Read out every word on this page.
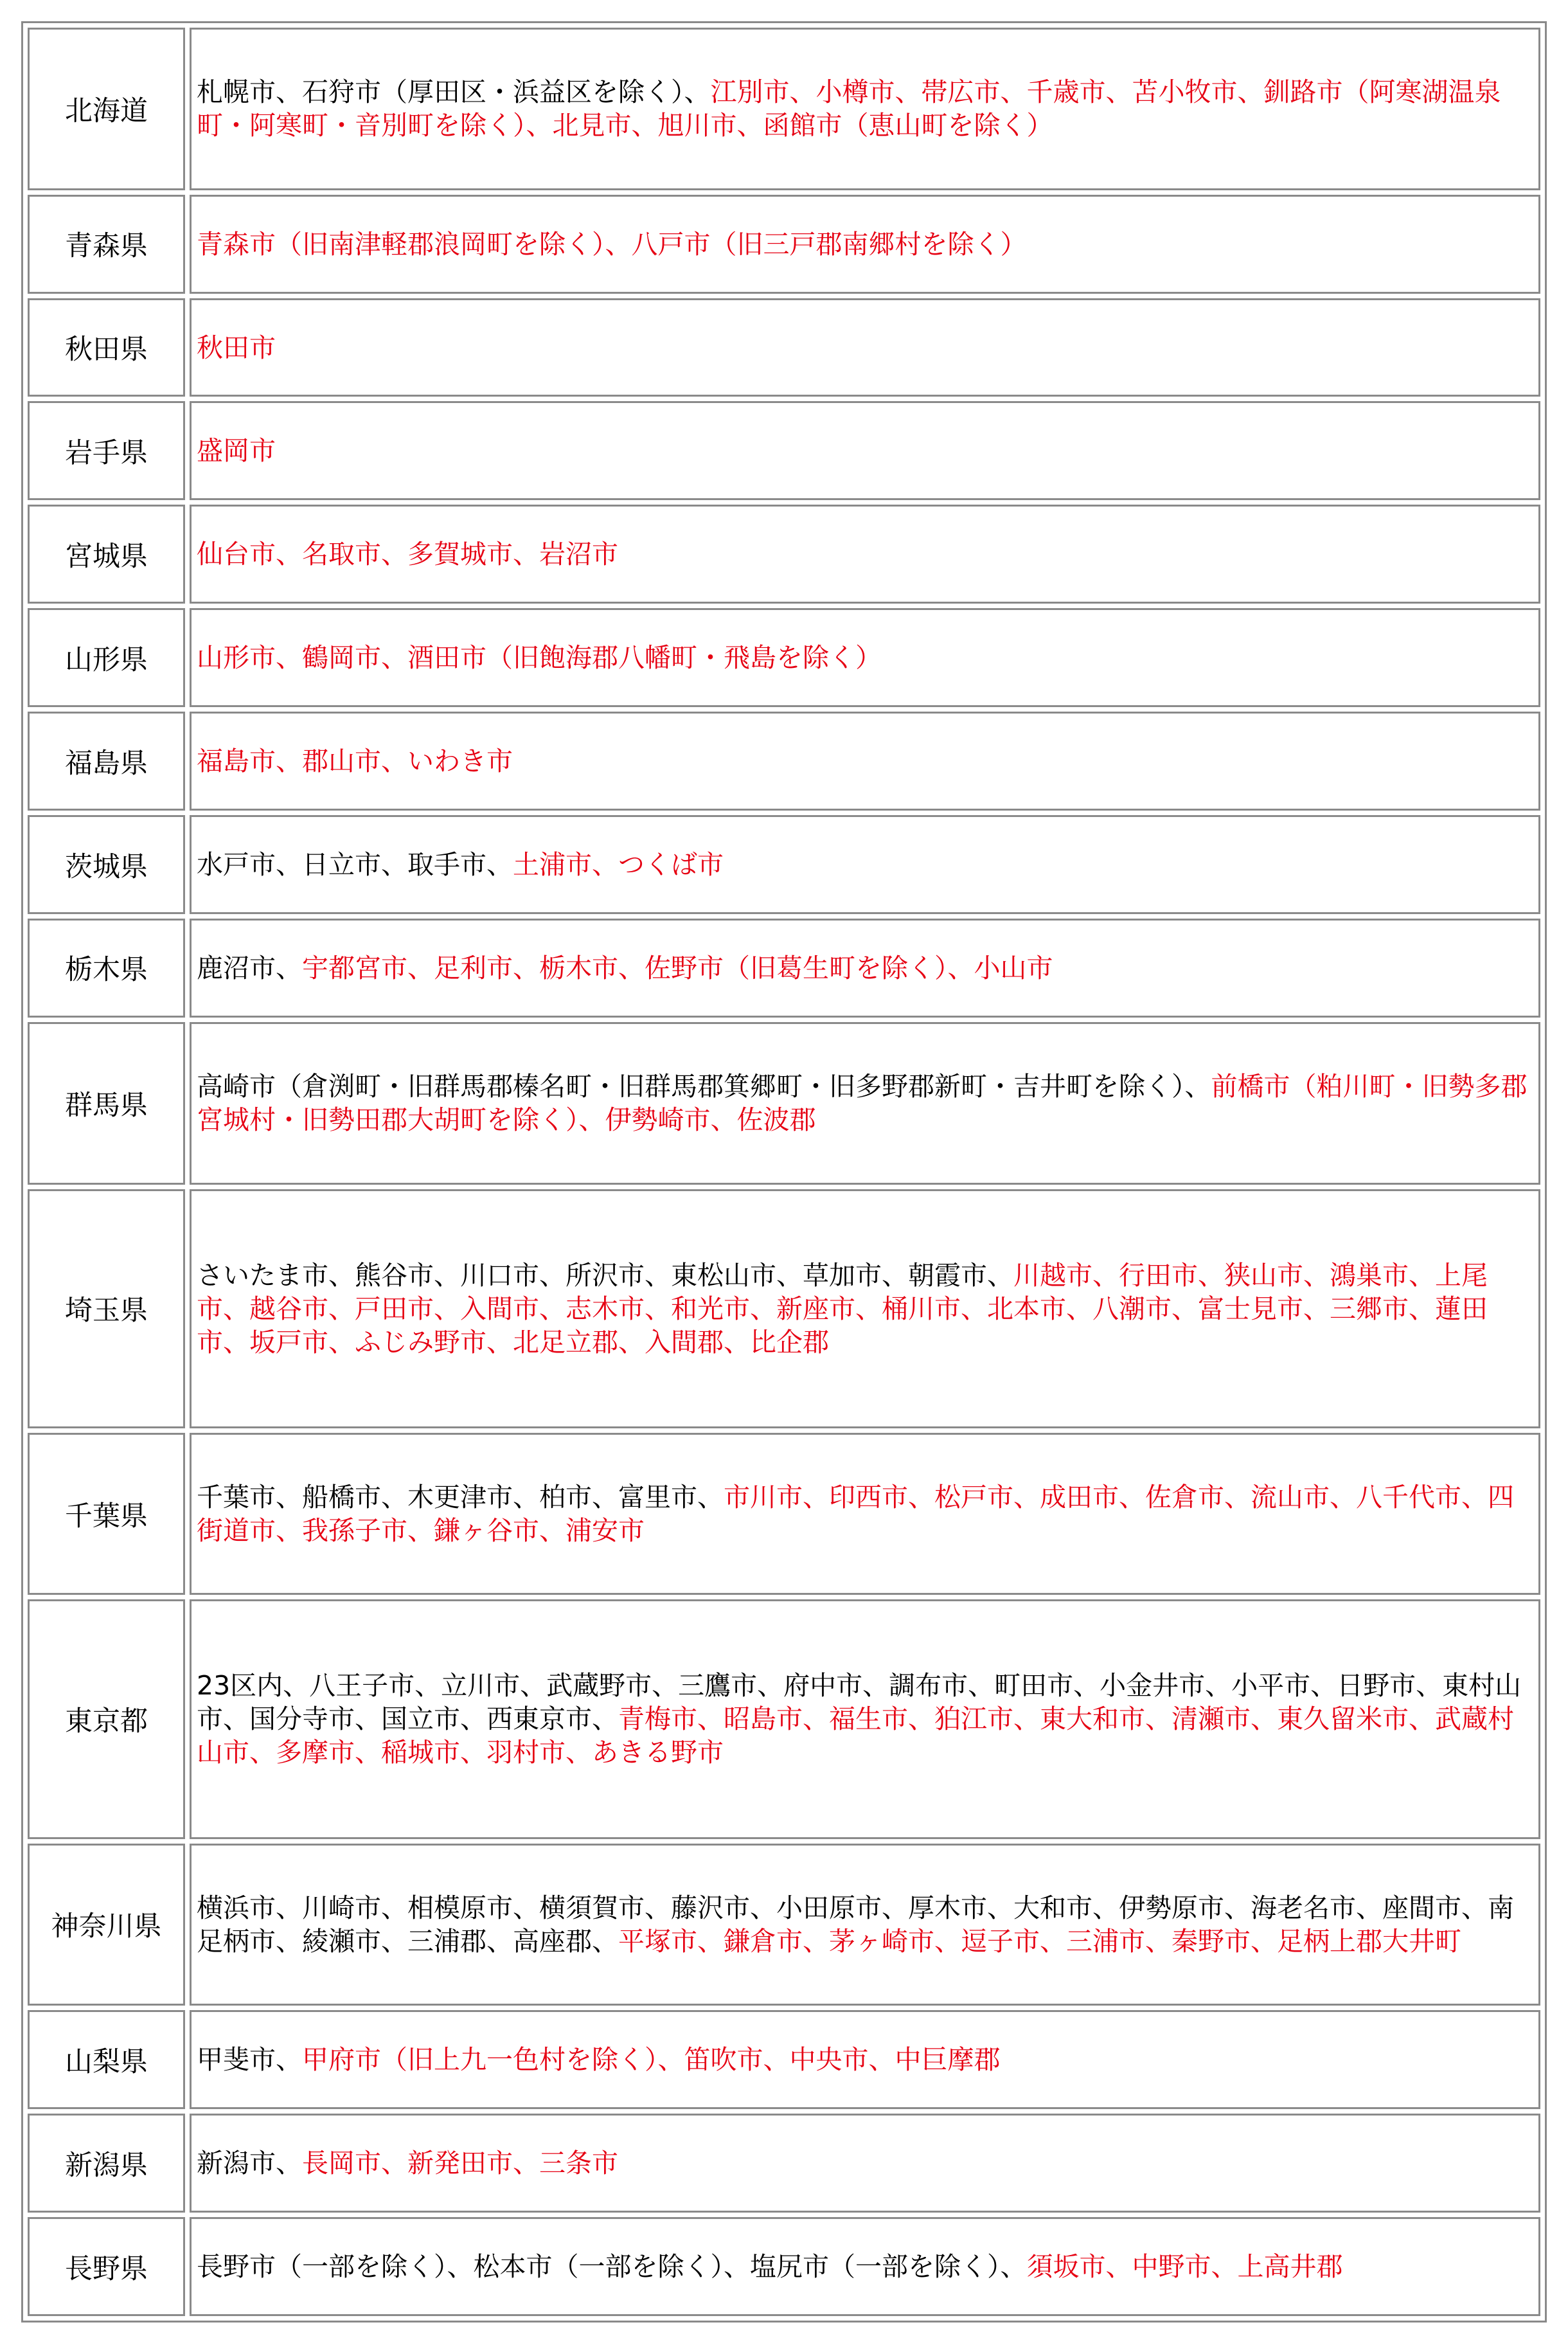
北海道	札幌市、石狩市（厚田区・浜益区を除く）、江別市、小樽市、帯広市、千歳市、苫小牧市、釧路市（阿寒湖温泉町・阿寒町・音別町を除く）、北見市、旭川市、函館市（恵山町を除く）
青森県	青森市（旧南津軽郡浪岡町を除く）、八戸市（旧三戸郡南郷村を除く）
秋田県	秋田市
岩手県	盛岡市
宮城県	仙台市、名取市、多賀城市、岩沼市
山形県	山形市、鶴岡市、酒田市（旧飽海郡八幡町・飛島を除く）
福島県	福島市、郡山市、いわき市
茨城県	水戸市、日立市、取手市、土浦市、つくば市
栃木県	鹿沼市、宇都宮市、足利市、栃木市、佐野市（旧葛生町を除く）、小山市
群馬県	高崎市（倉渕町・旧群馬郡榛名町・旧群馬郡箕郷町・旧多野郡新町・吉井町を除く）、前橋市（粕川町・旧勢多郡宮城村・旧勢田郡大胡町を除く）、伊勢崎市、佐波郡
埼玉県	さいたま市、熊谷市、川口市、所沢市、東松山市、草加市、朝霞市、川越市、行田市、狭山市、鴻巣市、上尾市、越谷市、戸田市、入間市、志木市、和光市、新座市、桶川市、北本市、八潮市、富士見市、三郷市、蓮田市、坂戸市、ふじみ野市、北足立郡、入間郡、比企郡
千葉県	千葉市、船橋市、木更津市、柏市、富里市、市川市、印西市、松戸市、成田市、佐倉市、流山市、八千代市、四街道市、我孫子市、鎌ヶ谷市、浦安市
東京都	23区内、八王子市、立川市、武蔵野市、三鷹市、府中市、調布市、町田市、小金井市、小平市、日野市、東村山市、国分寺市、国立市、西東京市、青梅市、昭島市、福生市、狛江市、東大和市、清瀬市、東久留米市、武蔵村山市、多摩市、稲城市、羽村市、あきる野市
神奈川県	横浜市、川崎市、相模原市、横須賀市、藤沢市、小田原市、厚木市、大和市、伊勢原市、海老名市、座間市、南足柄市、綾瀬市、三浦郡、高座郡、平塚市、鎌倉市、茅ヶ崎市、逗子市、三浦市、秦野市、足柄上郡大井町
山梨県	甲斐市、甲府市（旧上九一色村を除く）、笛吹市、中央市、中巨摩郡
新潟県	新潟市、長岡市、新発田市、三条市
長野県	長野市（一部を除く）、松本市（一部を除く）、塩尻市（一部を除く）、須坂市、中野市、上高井郡
